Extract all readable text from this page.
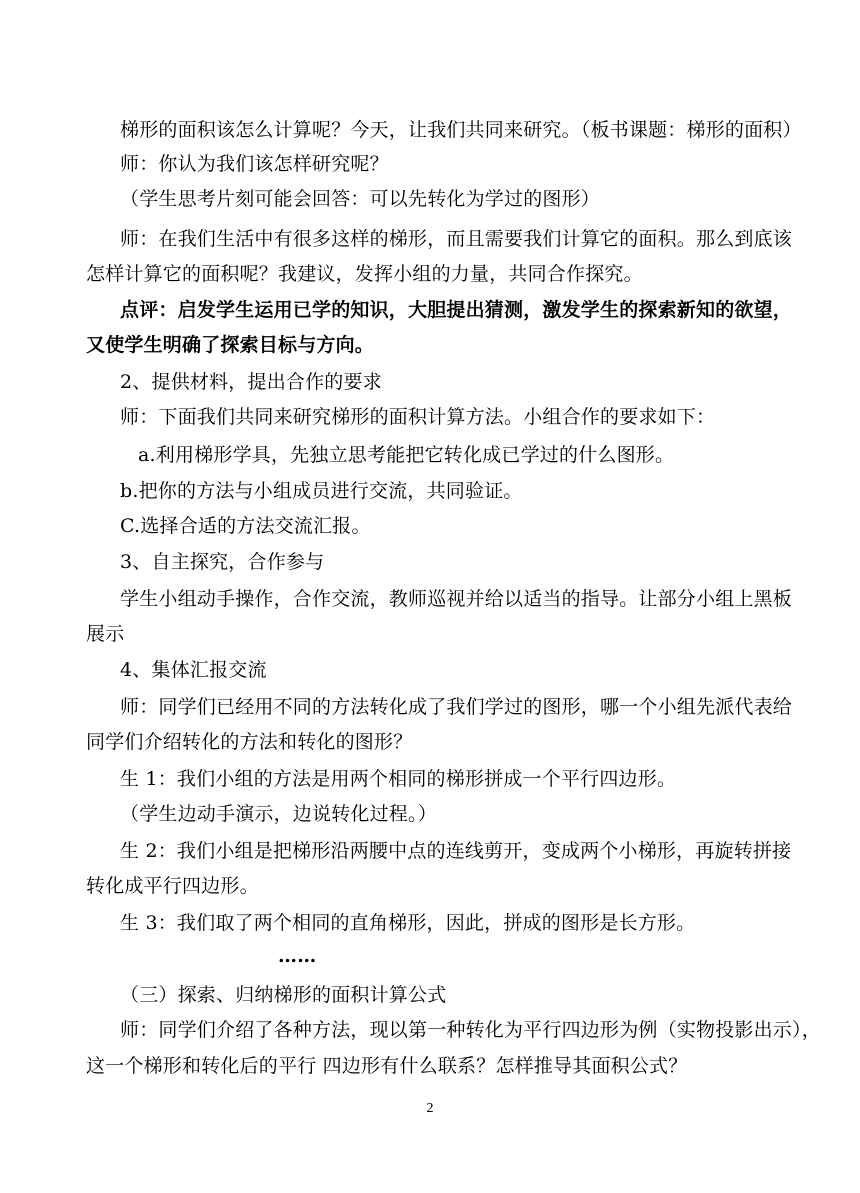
梯形的面积该怎么计算呢？今天，让我们共同来研究。（板书课题：梯形的面积）
师：你认为我们该怎样研究呢？
（学生思考片刻可能会回答：可以先转化为学过的图形）
师：在我们生活中有很多这样的梯形，而且需要我们计算它的面积。那么到底该
怎样计算它的面积呢？我建议，发挥小组的力量，共同合作探究。
点评：启发学生运用已学的知识，大胆提出猜测，激发学生的探索新知的欲望，
又使学生明确了探索目标与方向。
2、提供材料，提出合作的要求
师：下面我们共同来研究梯形的面积计算方法。小组合作的要求如下：
a.利用梯形学具，先独立思考能把它转化成已学过的什么图形。
b.把你的方法与小组成员进行交流，共同验证。
C.选择合适的方法交流汇报。
3、自主探究，合作参与
学生小组动手操作，合作交流，教师巡视并给以适当的指导。让部分小组上黑板
展示
4、集体汇报交流
师：同学们已经用不同的方法转化成了我们学过的图形，哪一个小组先派代表给
同学们介绍转化的方法和转化的图形？
生 1：我们小组的方法是用两个相同的梯形拼成一个平行四边形。
（学生边动手演示，边说转化过程。）
生 2：我们小组是把梯形沿两腰中点的连线剪开，变成两个小梯形，再旋转拼接
转化成平行四边形。
生 3：我们取了两个相同的直角梯形，因此，拼成的图形是长方形。
……
（三）探索、归纳梯形的面积计算公式
师：同学们介绍了各种方法，现以第一种转化为平行四边形为例（实物投影出示），
这一个梯形和转化后的平行 四边形有什么联系？怎样推导其面积公式？
2
